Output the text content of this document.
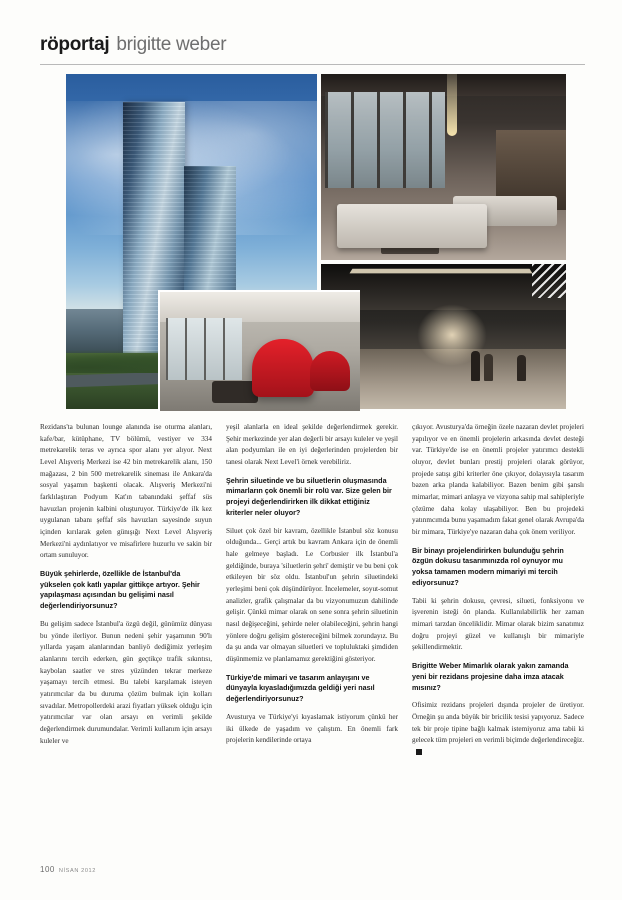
röportaj brigitte weber

Rezidans'ta bulunan lounge alanında ise oturma alanları, kafe/bar, kütüphane, TV bölümü, vestiyer ve 334 metrekarelik teras ve ayrıca spor alanı yer alıyor. Next Level Alışveriş Merkezi ise 42 bin metrekarelik alanı, 150 mağazası, 2 bin 500 metrekarelik sineması ile Ankara'da sosyal yaşamın başkenti olacak. Alışveriş Merkezi'ni farklılaştıran Podyum Kat'ın tabanındaki şeffaf süs havuzları projenin kalbini oluşturuyor. Türkiye'de ilk kez uygulanan tabanı şeffaf süs havuzları sayesinde suyun içinden kırılarak gelen günışığı Next Level Alışveriş Merkezi'ni aydınlatıyor ve misafirlere huzurlu ve sakin bir ortam sunuluyor.

Büyük şehirlerde, özellikle de İstanbul'da yükselen çok katlı yapılar gittikçe artıyor. Şehir yapılaşması açısından bu gelişimi nasıl değerlendiriyorsunuz?

Bu gelişim sadece İstanbul'a özgü değil, günümüz dünyası bu yönde ilerliyor. Bunun nedeni şehir yaşamının 90'lı yıllarda yaşam alanlarından banliyö dediğimiz yerleşim alanlarını tercih ederken, gün geçtikçe trafik sıkıntısı, kaybolan saatler ve stres yüzünden tekrar merkeze yaşamayı tercih etmesi. Bu talebi karşılamak isteyen yatırımcılar da bu duruma çözüm bulmak için kolları sıvadılar. Metropollerdeki arazi fiyatları yüksek olduğu için yatırımcılar var olan arsayı en verimli şekilde değerlendirmek durumundalar. Verimli kullanım için arsayı kuleler ve

yeşil alanlarla en ideal şekilde değerlendirmek gerekir. Şehir merkezinde yer alan değerli bir arsayı kuleler ve yeşil alan podyumları ile en iyi değerlerinden projelerden bir tanesi olarak Next Level'i örnek verebiliriz.

Şehrin siluetinde ve bu siluetlerin oluşmasında mimarların çok önemli bir rolü var. Size gelen bir projeyi değerlendirirken ilk dikkat ettiğiniz kriterler neler oluyor?

Siluet çok özel bir kavram, özellikle İstanbul söz konusu olduğunda... Gerçi artık bu kavram Ankara için de önemli hale gelmeye başladı. Le Corbusier ilk İstanbul'a geldiğinde, buraya 'siluetlerin şehri' demiştir ve bu beni çok etkileyen bir söz oldu. İstanbul'un şehrin siluetindeki yerleşimi beni çok düşündürüyor. İncelemeler, soyut-somut analizler, grafik çalışmalar da bu vizyonumuzun dahilinde gelişir. Çünkü mimar olarak on sene sonra şehrin siluetinin nasıl değişeceğini, şehirde neler olabileceğini, şehrin hangi yönlere doğru gelişim göstereceğini bilmek zorundayız. Bu da şu anda var olmayan siluetleri ve topluluktaki şimdiden düşünmemiz ve planlamamız gerektiğini gösteriyor.

Türkiye'de mimari ve tasarım anlayışını ve dünyayla kıyasladığımızda geldiği yeri nasıl değerlendiriyorsunuz?

Avusturya ve Türkiye'yi kıyaslamak istiyorum çünkü her iki ülkede de yaşadım ve çalıştım. En önemli fark projelerin kendilerinde ortaya

çıkıyor. Avusturya'da örneğin özele nazaran devlet projeleri yapılıyor ve en önemli projelerin arkasında devlet desteği var. Türkiye'de ise en önemli projeler yatırımcı destekli oluyor, devlet bunları prestij projeleri olarak görüyor, projede satışı gibi kriterler öne çıkıyor, dolayısıyla tasarım bazen arka planda kalabiliyor. Bazen benim gibi şanslı mimarlar, mimari anlaşya ve vizyona sahip mal sahipleriyle çözüme daha kolay ulaşabiliyor. Ben bu projedeki yatınmcımda bunu yaşamadım fakat genel olarak Avrupa'da bir mimara, Türkiye'ye nazaran daha çok önem veriliyor.

Bir binayı projelendirirken bulunduğu şehrin özgün dokusu tasarımınızda rol oynuyor mu yoksa tamamen modern mimariyi mi tercih ediyorsunuz?

Tabii ki şehrin dokusu, çevresi, silueti, fonksiyonu ve işverenin isteği ön planda. Kullanılabilirlik her zaman mimari tarzdan önceliklidir. Mimar olarak bizim sanatımız doğru projeyi güzel ve kullanışlı bir mimariyle şekillendirmektir.

Brigitte Weber Mimarlık olarak yakın zamanda yeni bir rezidans projesine daha imza atacak mısınız?

Ofisimiz rezidans projeleri dışında projeler de üretiyor. Örneğin şu anda büyük bir bricilik tesisi yapıyoruz. Sadece tek bir proje tipine bağlı kalmak istemiyoruz ama tabii ki gelecek tüm projeleri en verimli biçimde değerlendireceğiz.

100 NİSAN 2012
